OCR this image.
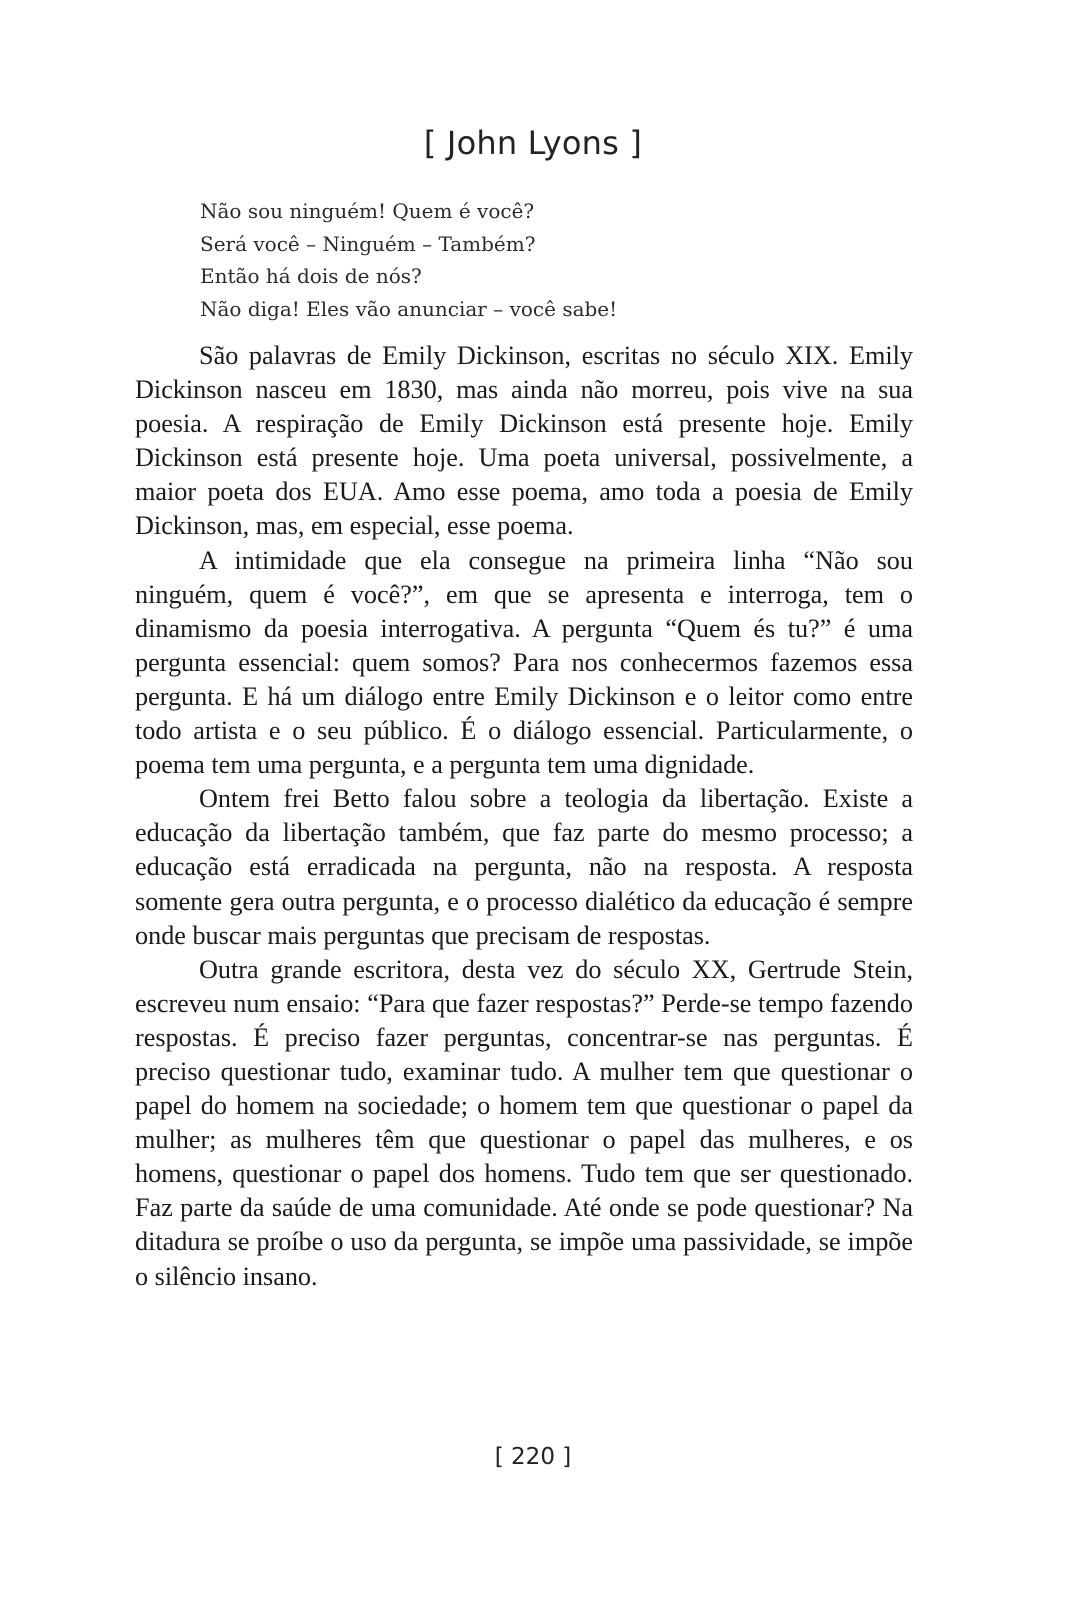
[ John Lyons ]
Não sou ninguém! Quem é você?
Será você – Ninguém – Também?
Então há dois de nós?
Não diga! Eles vão anunciar – você sabe!

São palavras de Emily Dickinson, escritas no século XIX. Emily Dickinson nasceu em 1830, mas ainda não morreu, pois vive na sua poesia. A respiração de Emily Dickinson está presente hoje. Emily Dickinson está presente hoje. Uma poeta universal, possivelmente, a maior poeta dos EUA. Amo esse poema, amo toda a poesia de Emily Dickinson, mas, em especial, esse poema.

A intimidade que ela consegue na primeira linha “Não sou ninguém, quem é você?”, em que se apresenta e interroga, tem o dinamismo da poesia interrogativa. A pergunta “Quem és tu?” é uma pergunta essencial: quem somos? Para nos conhecermos fazemos essa pergunta. E há um diálogo entre Emily Dickinson e o leitor como entre todo artista e o seu público. É o diálogo essencial. Particularmente, o poema tem uma pergunta, e a pergunta tem uma dignidade.

Ontem frei Betto falou sobre a teologia da libertação. Existe a educação da libertação também, que faz parte do mesmo processo; a educação está erradicada na pergunta, não na resposta. A resposta somente gera outra pergunta, e o processo dialético da educação é sempre onde buscar mais perguntas que precisam de respostas.

Outra grande escritora, desta vez do século XX, Gertrude Stein, escreveu num ensaio: “Para que fazer respostas?” Perde-se tempo fazendo respostas. É preciso fazer perguntas, concentrar-se nas perguntas. É preciso questionar tudo, examinar tudo. A mulher tem que questionar o papel do homem na sociedade; o homem tem que questionar o papel da mulher; as mulheres têm que questionar o papel das mulheres, e os homens, questionar o papel dos homens. Tudo tem que ser questionado. Faz parte da saúde de uma comunidade. Até onde se pode questionar? Na ditadura se proíbe o uso da pergunta, se impõe uma passividade, se impõe o silêncio insano.

[ 220 ]
